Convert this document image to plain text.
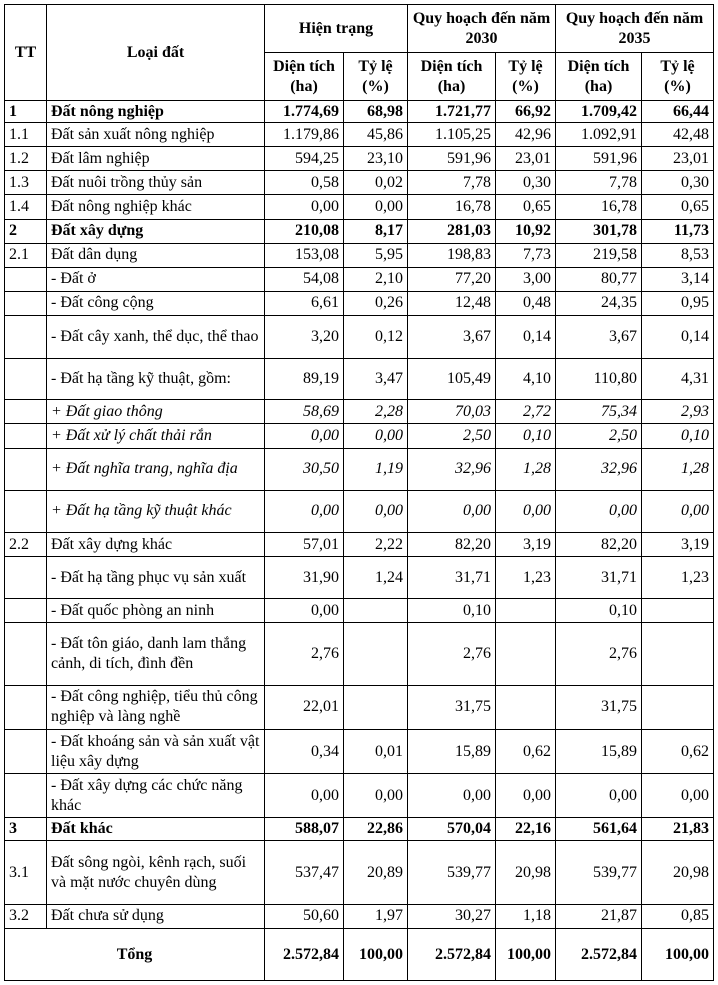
TT	Loại đất	Hiện trạng		Quy hoạch đến năm 2030		Quy hoạch đến năm 2035	
		Diện tích (ha)	Tỷ lệ (%)	Diện tích (ha)	Tỷ lệ (%)	Diện tích (ha)	Tỷ lệ (%)
1	Đất nông nghiệp	1.774,69	68,98	1.721,77	66,92	1.709,42	66,44
1.1	Đất sản xuất nông nghiệp	1.179,86	45,86	1.105,25	42,96	1.092,91	42,48
1.2	Đất lâm nghiệp	594,25	23,10	591,96	23,01	591,96	23,01
1.3	Đất nuôi trồng thủy sản	0,58	0,02	7,78	0,30	7,78	0,30
1.4	Đất nông nghiệp khác	0,00	0,00	16,78	0,65	16,78	0,65
2	Đất xây dựng	210,08	8,17	281,03	10,92	301,78	11,73
2.1	Đất dân dụng	153,08	5,95	198,83	7,73	219,58	8,53
	- Đất ở	54,08	2,10	77,20	3,00	80,77	3,14
	- Đất công cộng	6,61	0,26	12,48	0,48	24,35	0,95
	- Đất cây xanh, thể dục, thể thao	3,20	0,12	3,67	0,14	3,67	0,14
	- Đất hạ tầng kỹ thuật, gồm:	89,19	3,47	105,49	4,10	110,80	4,31
	+ Đất giao thông	58,69	2,28	70,03	2,72	75,34	2,93
	+ Đất xử lý chất thải rắn	0,00	0,00	2,50	0,10	2,50	0,10
	+ Đất nghĩa trang, nghĩa địa	30,50	1,19	32,96	1,28	32,96	1,28
	+ Đất hạ tầng kỹ thuật khác	0,00	0,00	0,00	0,00	0,00	0,00
2.2	Đất xây dựng khác	57,01	2,22	82,20	3,19	82,20	3,19
	- Đất hạ tầng phục vụ sản xuất	31,90	1,24	31,71	1,23	31,71	1,23
	- Đất quốc phòng an ninh	0,00		0,10		0,10	
	- Đất tôn giáo, danh lam thắng cảnh, di tích, đình đền	2,76		2,76		2,76	
	- Đất công nghiệp, tiểu thủ công nghiệp và làng nghề	22,01		31,75		31,75	
	- Đất khoáng sản và sản xuất vật liệu xây dựng	0,34	0,01	15,89	0,62	15,89	0,62
	- Đất xây dựng các chức năng khác	0,00	0,00	0,00	0,00	0,00	0,00
3	Đất khác	588,07	22,86	570,04	22,16	561,64	21,83
3.1	Đất sông ngòi, kênh rạch, suối và mặt nước chuyên dùng	537,47	20,89	539,77	20,98	539,77	20,98
3.2	Đất chưa sử dụng	50,60	1,97	30,27	1,18	21,87	0,85
Tổng		2.572,84	100,00	2.572,84	100,00	2.572,84	100,00
